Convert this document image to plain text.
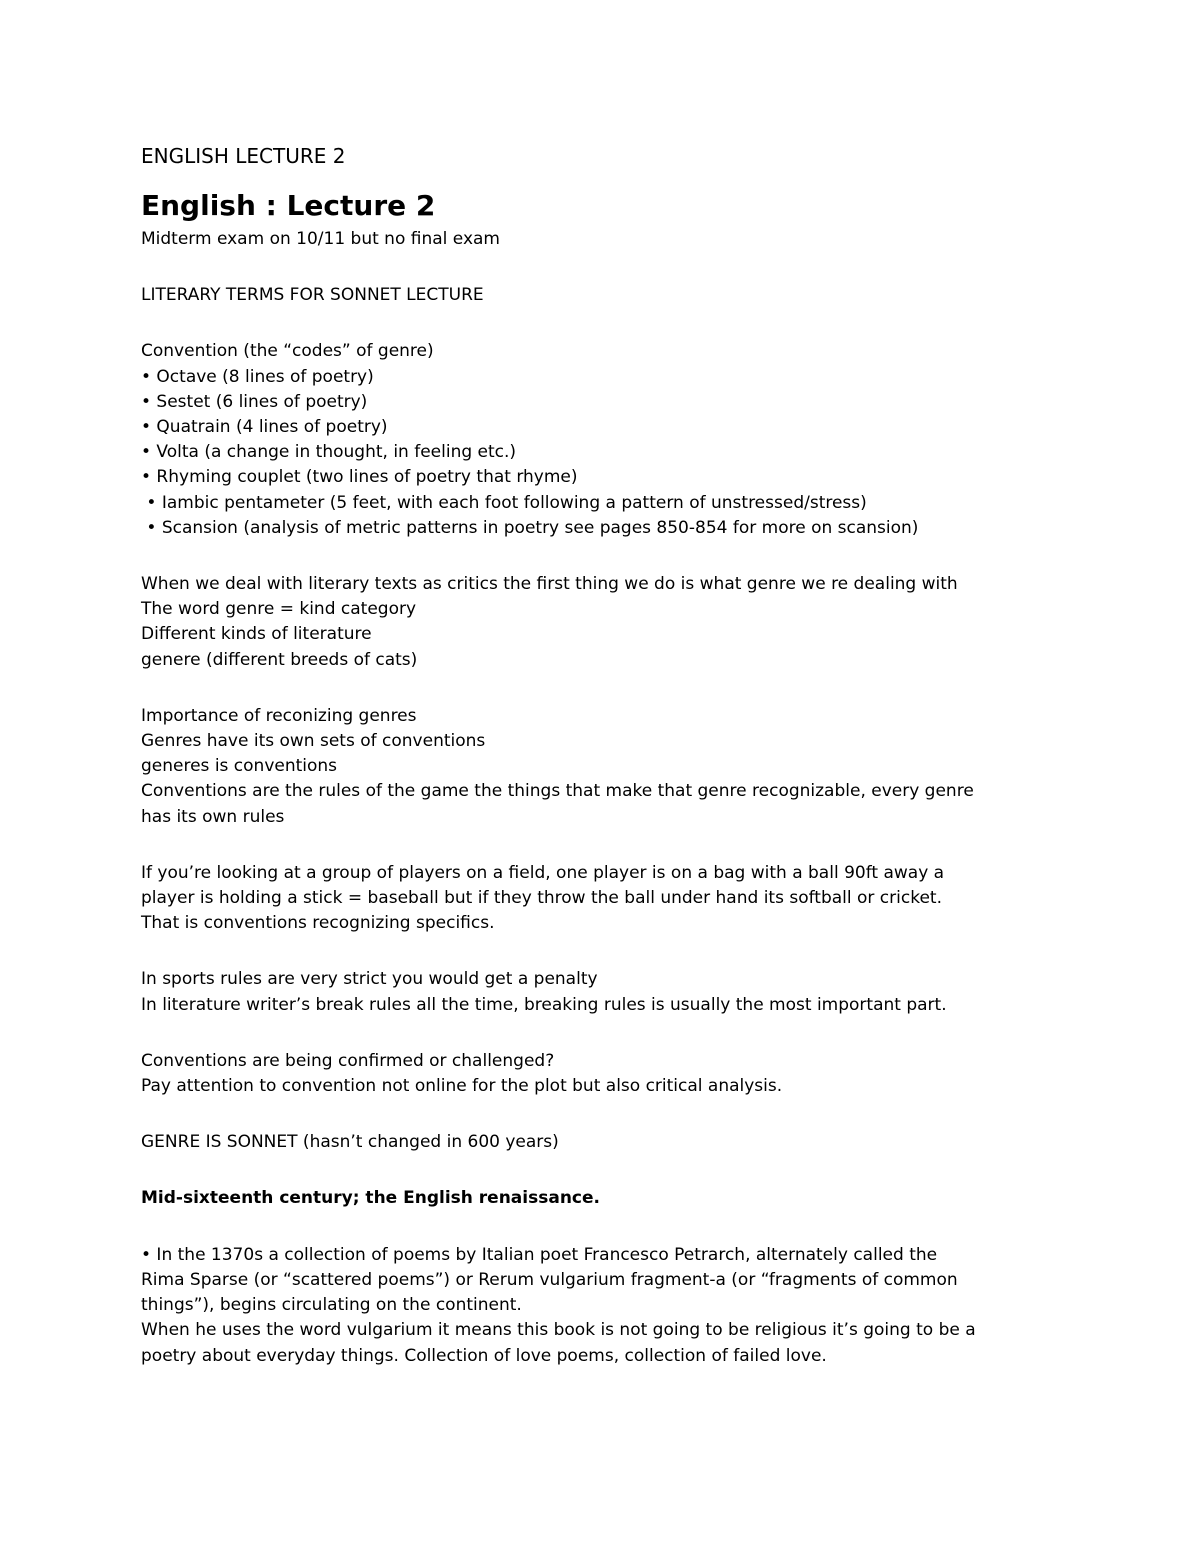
ENGLISH LECTURE 2
English : Lecture 2
Midterm exam on 10/11 but no final exam
LITERARY TERMS FOR SONNET LECTURE
Convention (the “codes” of genre)
• Octave (8 lines of poetry)
• Sestet (6 lines of poetry)
• Quatrain (4 lines of poetry)
• Volta (a change in thought, in feeling etc.)
• Rhyming couplet (two lines of poetry that rhyme)
• Iambic pentameter (5 feet, with each foot following a pattern of unstressed/stress)
• Scansion (analysis of metric patterns in poetry see pages 850-854 for more on scansion)
When we deal with literary texts as critics the first thing we do is what genre we re dealing with
The word genre = kind category
Different kinds of literature
genere (different breeds of cats)
Importance of reconizing genres
Genres have its own sets of conventions
generes is conventions
Conventions are the rules of the game the things that make that genre recognizable, every genre
has its own rules
If you’re looking at a group of players on a field, one player is on a bag with a ball 90ft away a
player is holding a stick = baseball but if they throw the ball under hand its softball or cricket.
That is conventions recognizing specifics.
In sports rules are very strict you would get a penalty
In literature writer’s break rules all the time, breaking rules is usually the most important part.
Conventions are being confirmed or challenged?
Pay attention to convention not online for the plot but also critical analysis.
GENRE IS SONNET (hasn’t changed in 600 years)
Mid-sixteenth century; the English renaissance.
• In the 1370s a collection of poems by Italian poet Francesco Petrarch, alternately called the
Rima Sparse (or “scattered poems”) or Rerum vulgarium fragment-a (or “fragments of common
things”), begins circulating on the continent.
When he uses the word vulgarium it means this book is not going to be religious it’s going to be a
poetry about everyday things. Collection of love poems, collection of failed love.
